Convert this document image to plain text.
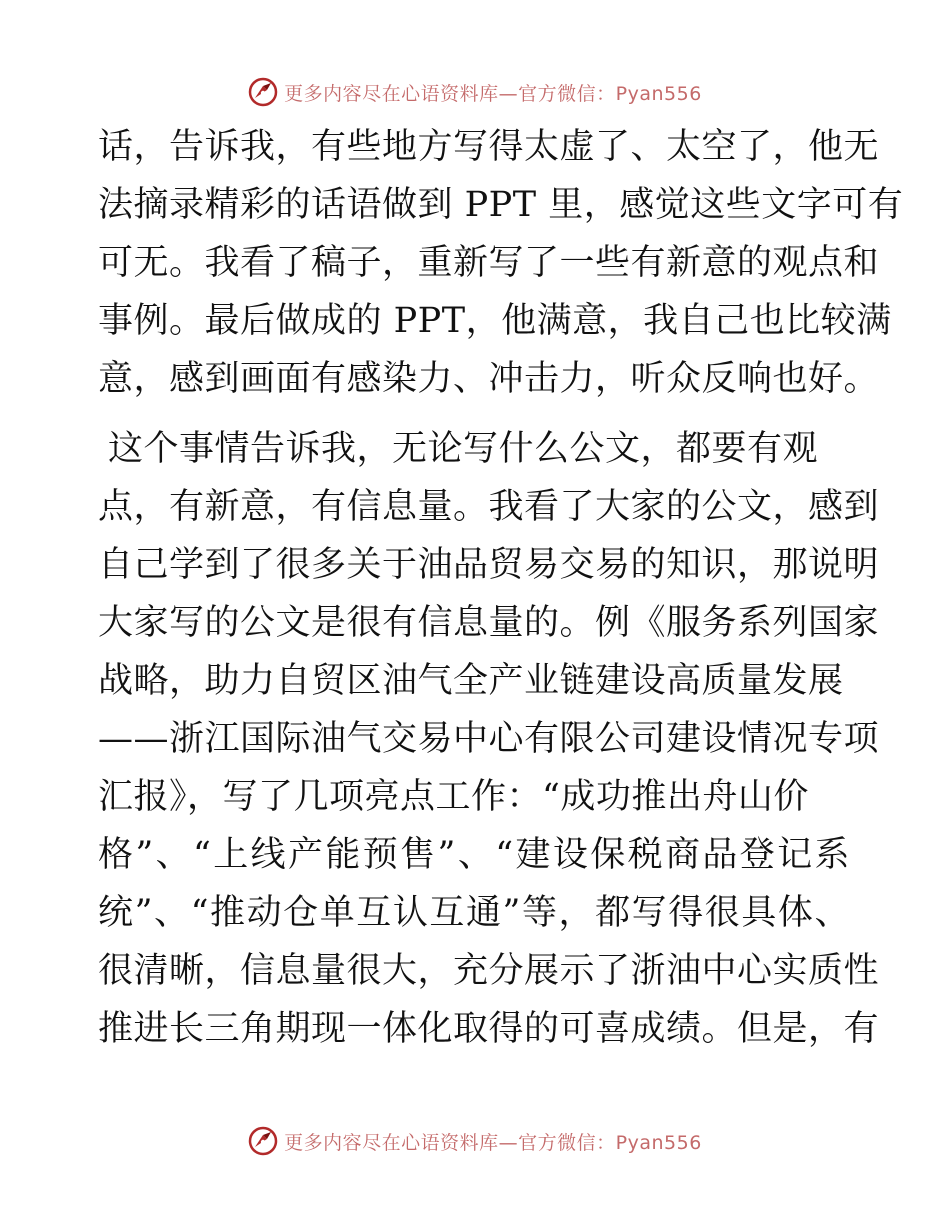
更多内容尽在心语资料库—官方微信：Pyan556
话，告诉我，有些地方写得太虚了、太空了，他无
法摘录精彩的话语做到 PPT 里，感觉这些文字可有
可无。我看了稿子，重新写了一些有新意的观点和
事例。最后做成的 PPT，他满意，我自己也比较满
意，感到画面有感染力、冲击力，听众反响也好。
这个事情告诉我，无论写什么公文，都要有观
点，有新意，有信息量。我看了大家的公文，感到
自己学到了很多关于油品贸易交易的知识，那说明
大家写的公文是很有信息量的。例《服务系列国家
战略，助力自贸区油气全产业链建设高质量发展
——浙江国际油气交易中心有限公司建设情况专项
汇报》，写了几项亮点工作：“成功推出舟山价
格”、“上线产能预售”、“建设保税商品登记系
统”、“推动仓单互认互通”等，都写得很具体、
很清晰，信息量很大，充分展示了浙油中心实质性
推进长三角期现一体化取得的可喜成绩。但是，有
更多内容尽在心语资料库—官方微信：Pyan556
